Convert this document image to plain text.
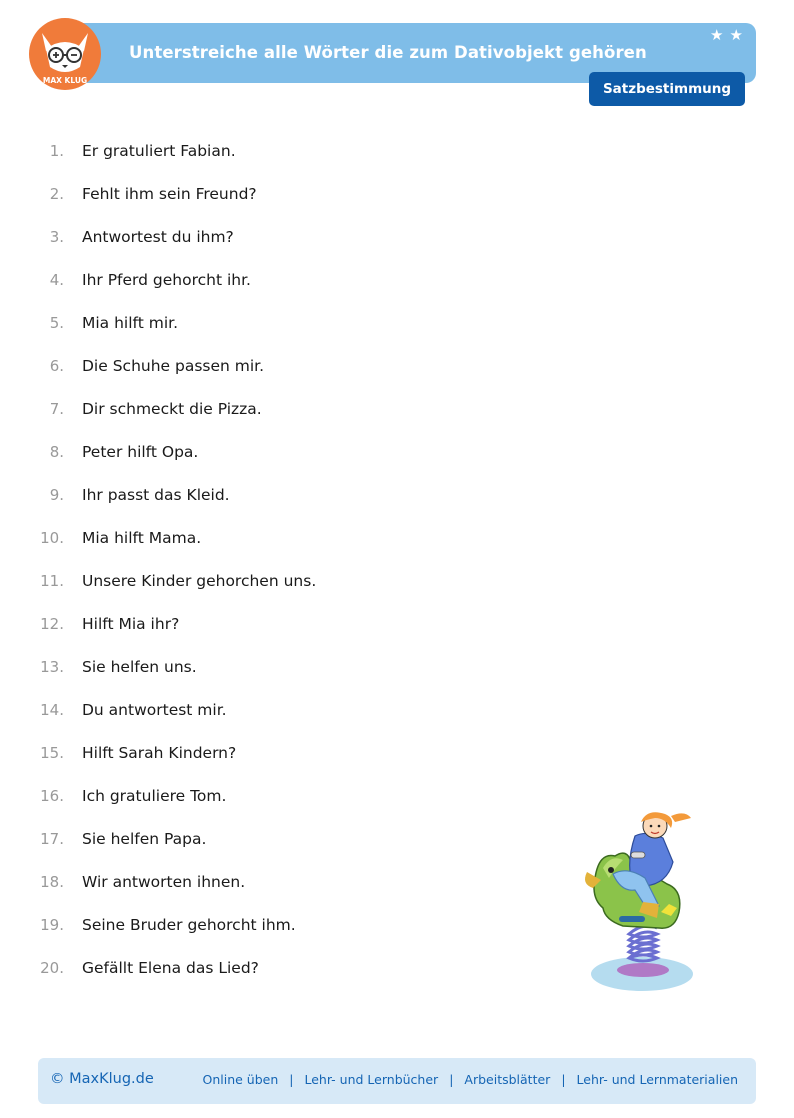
Unterstreiche alle Wörter die zum Dativobjekt gehören
★ ★
MAX KLUG
Satzbestimmung
1. Er gratuliert Fabian.
2. Fehlt ihm sein Freund?
3. Antwortest du ihm?
4. Ihr Pferd gehorcht ihr.
5. Mia hilft mir.
6. Die Schuhe passen mir.
7. Dir schmeckt die Pizza.
8. Peter hilft Opa.
9. Ihr passt das Kleid.
10. Mia hilft Mama.
11. Unsere Kinder gehorchen uns.
12. Hilft Mia ihr?
13. Sie helfen uns.
14. Du antwortest mir.
15. Hilft Sarah Kindern?
16. Ich gratuliere Tom.
17. Sie helfen Papa.
18. Wir antworten ihnen.
19. Seine Bruder gehorcht ihm.
20. Gefällt Elena das Lied?
© MaxKlug.de	Online üben | Lehr- und Lernbücher | Arbeitsblätter | Lehr- und Lernmaterialien
